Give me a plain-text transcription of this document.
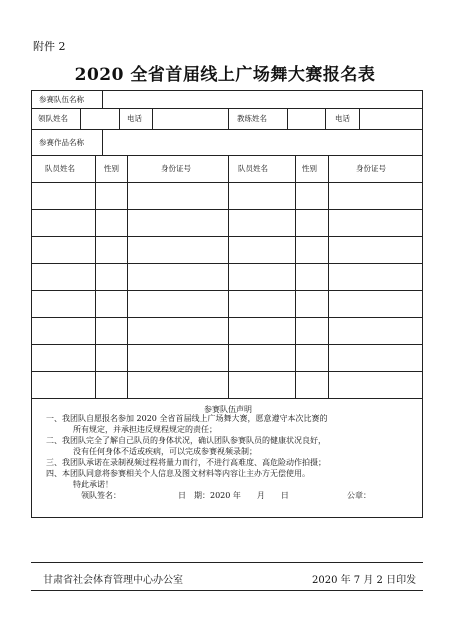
附件 2
2020 全省首届线上广场舞大赛报名表
参赛队伍名称
领队姓名	电话	教练姓名	电话
参赛作品名称
队员姓名	性别	身份证号	队员姓名	性别	身份证号
参赛队伍声明
一、我团队自愿报名参加 2020 全省首届线上广场舞大赛，愿意遵守本次比赛的
所有规定，并承担违反规程规定的责任；
二、我团队完全了解自己队员的身体状况，确认团队参赛队员的健康状况良好，
没有任何身体不适或疾病，可以完成参赛视频录制；
三、我团队承诺在录制视频过程将量力而行，不进行高难度、高危险动作拍摄；
四、本团队同意将参赛相关个人信息及图文材料等内容让主办方无偿使用。
特此承诺！
领队签名：	日　期：2020 年　　月　　日	公章：
甘肃省社会体育管理中心办公室	2020 年 7 月 2 日印发
